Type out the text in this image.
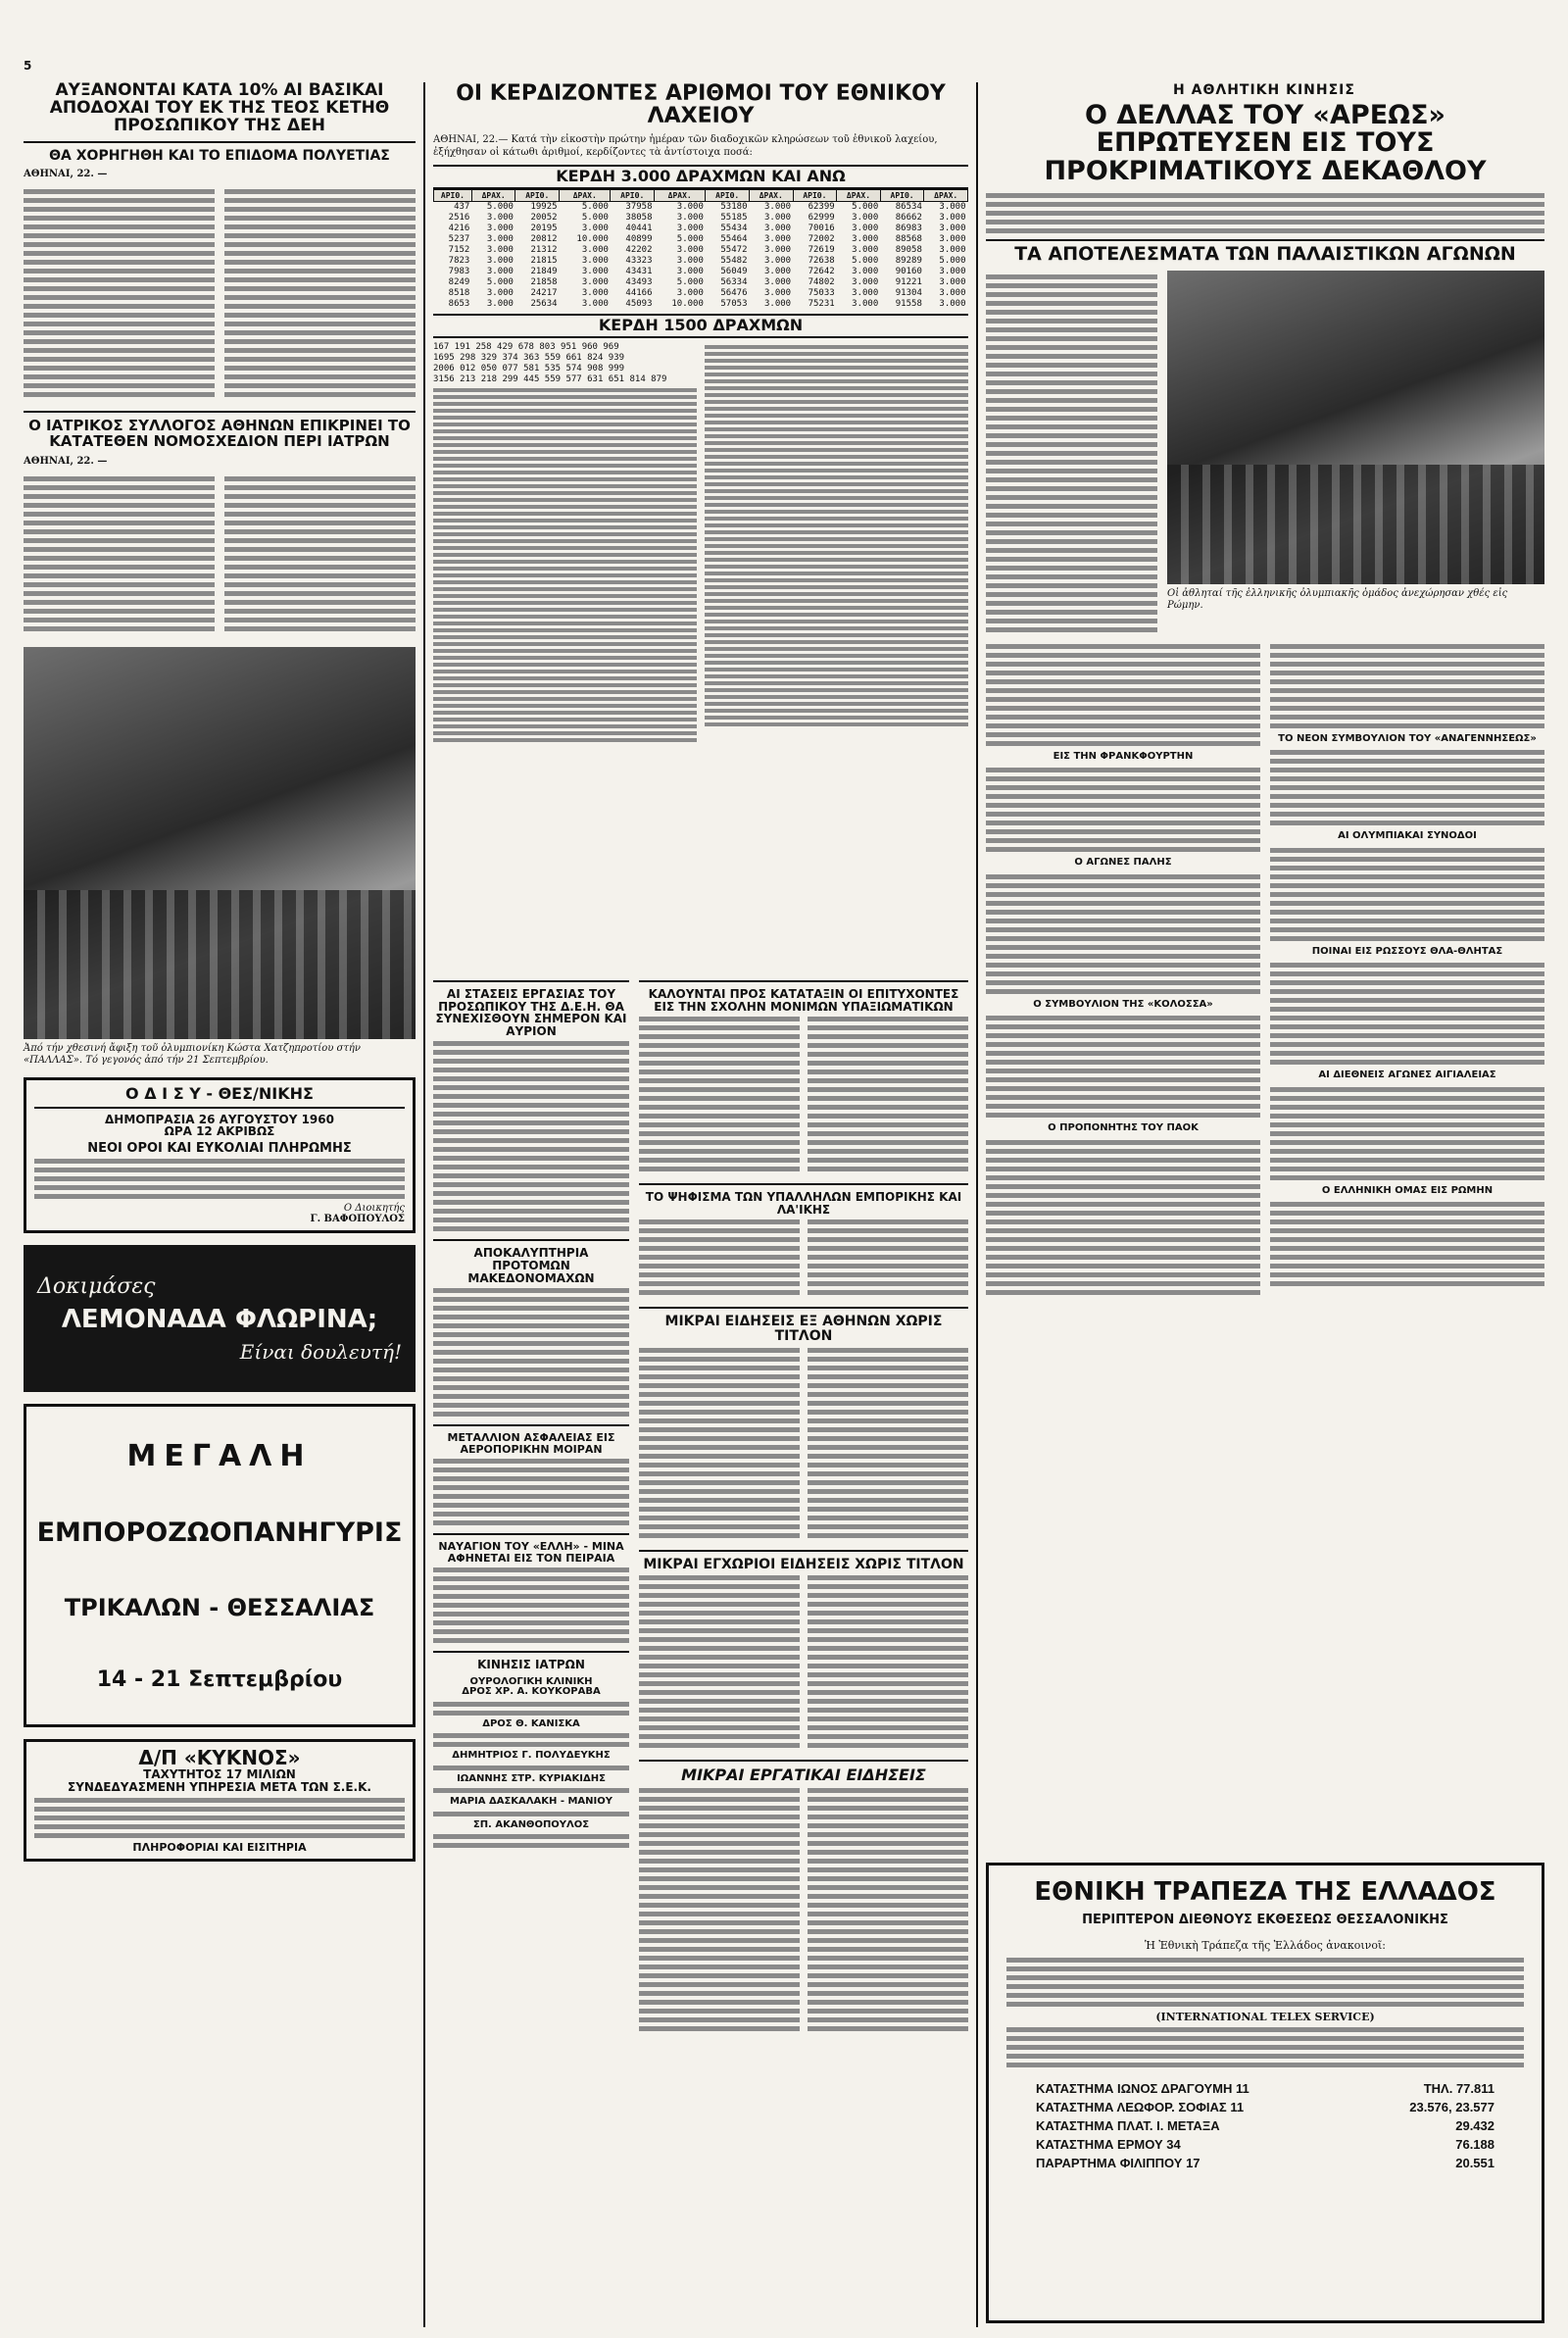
5
Η ΑΘΛΗΤΙΚΗ ΚΙΝΗΣΙΣ
ΑΥΞΑΝΟΝΤΑΙ ΚΑΤΑ 10% ΑΙ ΒΑΣΙΚΑΙ ΑΠΟΔΟΧΑΙ ΤΟΥ ΕΚ ΤΗΣ ΤΕΟΣ ΚΕΤΗΘ ΠΡΟΣΩΠΙΚΟΥ ΤΗΣ ΔΕΗ
ΘΑ ΧΟΡΗΓΗΘΗ ΚΑΙ ΤΟ ΕΠΙΔΟΜΑ ΠΟΛΥΕΤΙΑΣ
ΑΘΗΝΑΙ, 22. —
Ο ΙΑΤΡΙΚΟΣ ΣΥΛΛΟΓΟΣ ΑΘΗΝΩΝ ΕΠΙΚΡΙΝΕΙ ΤΟ ΚΑΤΑΤΕΘΕΝ ΝΟΜΟΣΧΕΔΙΟΝ ΠΕΡΙ ΙΑΤΡΩΝ
ΑΘΗΝΑΙ, 22. —
Ἀπό τήν χθεσινή ἄφιξη τοῦ ὀλυμπιονίκη Κώστα Χατζηπροτίου στήν «ΠΑΛΛΑΣ». Τό γεγονός ἀπό τήν 21 Σεπτεμβρίου.
Ο Δ Ι Σ Υ - ΘΕΣ/ΝΙΚΗΣ
ΔΗΜΟΠΡΑΣΙΑ 26 ΑΥΓΟΥΣΤΟΥ 1960
ΩΡΑ 12 ΑΚΡΙΒΩΣ
ΝΕΟΙ ΟΡΟΙ ΚΑΙ ΕΥΚΟΛΙΑΙ ΠΛΗΡΩΜΗΣ
Ο Διοικητής
Γ. ΒΑΦΟΠΟΥΛΟΣ
Δοκιμάσες
ΛΕΜΟΝΑΔΑ ΦΛΩΡΙΝΑ;
Είναι δουλευτή!
ΜΕΓΑΛΗ
ΕΜΠΟΡΟΖΩΟΠΑΝΗΓΥΡΙΣ
ΤΡΙΚΑΛΩΝ - ΘΕΣΣΑΛΙΑΣ
14 - 21 Σεπτεμβρίου
Δ/Π «ΚΥΚΝΟΣ»
ΤΑΧΥΤΗΤΟΣ 17 ΜΙΛΙΩΝ
ΣΥΝΔΕΔΥΑΣΜΕΝΗ ΥΠΗΡΕΣΙΑ ΜΕΤΑ ΤΩΝ Σ.Ε.Κ.
ΠΛΗΡΟΦΟΡΙΑΙ ΚΑΙ ΕΙΣΙΤΗΡΙΑ
ΟΙ ΚΕΡΔΙΖΟΝΤΕΣ ΑΡΙΘΜΟΙ ΤΟΥ ΕΘΝΙΚΟΥ ΛΑΧΕΙΟΥ
ΑΘΗΝΑΙ, 22.— Κατά τὴν εἰκοστὴν πρώτην ἡμέραν τῶν διαδοχικῶν κληρώσεων τοῦ ἐθνικοῦ λαχείου, ἐξήχθησαν οἱ κάτωθι ἀριθμοί, κερδίζοντες τὰ ἀντίστοιχα ποσά:
ΚΕΡΔΗ 3.000 ΔΡΑΧΜΩΝ ΚΑΙ ΑΝΩ
ΑΡΙΘ.	ΔΡΑΧ.	ΑΡΙΘ.	ΔΡΑΧ.	ΑΡΙΘ.	ΔΡΑΧ.	ΑΡΙΘ.	ΔΡΑΧ.	ΑΡΙΘ.	ΔΡΑΧ.	ΑΡΙΘ.	ΔΡΑΧ.
437	5.000	19925	5.000	37958	3.000	53180	3.000	62399	5.000	86534	3.000
2516	3.000	20052	5.000	38058	3.000	55185	3.000	62999	3.000	86662	3.000
4216	3.000	20195	3.000	40441	3.000	55434	3.000	70016	3.000	86983	3.000
5237	3.000	20812	10.000	40899	5.000	55464	3.000	72002	3.000	88568	3.000
7152	3.000	21312	3.000	42202	3.000	55472	3.000	72619	3.000	89058	3.000
7823	3.000	21815	3.000	43323	3.000	55482	3.000	72638	5.000	89289	5.000
7983	3.000	21849	3.000	43431	3.000	56049	3.000	72642	3.000	90160	3.000
8249	5.000	21858	3.000	43493	5.000	56334	3.000	74802	3.000	91221	3.000
8518	3.000	24217	3.000	44166	3.000	56476	3.000	75033	3.000	91304	3.000
8653	3.000	25634	3.000	45093	10.000	57053	3.000	75231	3.000	91558	3.000
ΚΕΡΔΗ 1500 ΔΡΑΧΜΩΝ
167 191 258 429 678 803 951 960 969
1695 298 329 374 363 559 661 824 939
2006 012 050 077 581 535 574 908 999
3156 213 218 299 445 559 577 631 651 814 879
ΑΙ ΣΤΑΣΕΙΣ ΕΡΓΑΣΙΑΣ ΤΟΥ ΠΡΟΣΩΠΙΚΟΥ ΤΗΣ Δ.Ε.Η. ΘΑ ΣΥΝΕΧΙΣΘΟΥΝ ΣΗΜΕΡΟΝ ΚΑΙ ΑΥΡΙΟΝ
ΑΠΟΚΑΛΥΠΤΗΡΙΑ ΠΡΟΤΟΜΩΝ ΜΑΚΕΔΟΝΟΜΑΧΩΝ
ΜΕΤΑΛΛΙΟΝ ΑΣΦΑΛΕΙΑΣ ΕΙΣ ΑΕΡΟΠΟΡΙΚΗΝ ΜΟΙΡΑΝ
ΝΑΥΑΓΙΟΝ ΤΟΥ «ΕΛΛΗ» - ΜΙΝΑ ΑΦΗΝΕΤΑΙ ΕΙΣ ΤΟΝ ΠΕΙΡΑΙΑ
ΚΙΝΗΣΙΣ ΙΑΤΡΩΝ
ΟΥΡΟΛΟΓΙΚΗ ΚΛΙΝΙΚΗ
ΔΡΟΣ ΧΡ. Α. ΚΟΥΚΟΡΑΒΑ
ΔΡΟΣ Θ. ΚΑΝΙΣΚΑ
ΔΗΜΗΤΡΙΟΣ Γ. ΠΟΛΥΔΕΥΚΗΣ
ΙΩΑΝΝΗΣ ΣΤΡ. ΚΥΡΙΑΚΙΔΗΣ
ΜΑΡΙΑ ΔΑΣΚΑΛΑΚΗ - ΜΑΝΙΟΥ
ΣΠ. ΑΚΑΝΘΟΠΟΥΛΟΣ
ΚΑΛΟΥΝΤΑΙ ΠΡΟΣ ΚΑΤΑΤΑΞΙΝ ΟΙ ΕΠΙΤΥΧΟΝΤΕΣ ΕΙΣ ΤΗΝ ΣΧΟΛΗΝ ΜΟΝΙΜΩΝ ΥΠΑΞΙΩΜΑΤΙΚΩΝ
ΤΟ ΨΗΦΙΣΜΑ ΤΩΝ ΥΠΑΛΛΗΛΩΝ ΕΜΠΟΡΙΚΗΣ ΚΑΙ ΛΑ'ΙΚΗΣ
ΜΙΚΡΑΙ ΕΙΔΗΣΕΙΣ ΕΞ ΑΘΗΝΩΝ ΧΩΡΙΣ ΤΙΤΛΟΝ
ΜΙΚΡΑΙ ΕΓΧΩΡΙΟΙ ΕΙΔΗΣΕΙΣ ΧΩΡΙΣ ΤΙΤΛΟΝ
ΜΙΚΡΑΙ ΕΡΓΑΤΙΚΑΙ ΕΙΔΗΣΕΙΣ
Ο ΔΕΛΛΑΣ ΤΟΥ «ΑΡΕΩΣ» ΕΠΡΩΤΕΥΣΕΝ ΕΙΣ ΤΟΥΣ ΠΡΟΚΡΙΜΑΤΙΚΟΥΣ ΔΕΚΑΘΛΟΥ
ΤΑ ΑΠΟΤΕΛΕΣΜΑΤΑ ΤΩΝ ΠΑΛΑΙΣΤΙΚΩΝ ΑΓΩΝΩΝ
Οἱ ἀθληταί τῆς ἑλληνικῆς ὀλυμπιακῆς ὁμάδος ἀνεχώρησαν χθές εἰς Ρώμην.
ΕΙΣ ΤΗΝ ΦΡΑΝΚΦΟΥΡΤΗΝ
Ο ΑΓΩΝΕΣ ΠΑΛΗΣ
Ο ΣΥΜΒΟΥΛΙΟΝ ΤΗΣ «ΚΟΛΟΣΣΑ»
Ο ΠΡΟΠΟΝΗΤΗΣ ΤΟΥ ΠΑΟΚ
ΤΟ ΝΕΟΝ ΣΥΜΒΟΥΛΙΟΝ ΤΟΥ «ΑΝΑΓΕΝΝΗΣΕΩΣ»
ΑΙ ΟΛΥΜΠΙΑΚΑΙ ΣΥΝΟΔΟΙ
ΠΟΙΝΑΙ ΕΙΣ ΡΩΣΣΟΥΣ ΘΛΑ-ΘΛΗΤΑΣ
ΑΙ ΔΙΕΘΝΕΙΣ ΑΓΩΝΕΣ ΑΙΓΙΑΛΕΙΑΣ
Ο ΕΛΛΗΝΙΚΗ ΟΜΑΣ ΕΙΣ ΡΩΜΗΝ
ΕΘΝΙΚΗ ΤΡΑΠΕΖΑ ΤΗΣ ΕΛΛΑΔΟΣ
ΠΕΡΙΠΤΕΡΟΝ ΔΙΕΘΝΟΥΣ ΕΚΘΕΣΕΩΣ ΘΕΣΣΑΛΟΝΙΚΗΣ
Ἡ Ἐθνικὴ Τράπεζα τῆς Ἑλλάδος ἀνακοινοῖ:
(INTERNATIONAL TELEX SERVICE)
ΚΑΤΑΣΤΗΜΑ ΙΩΝΟΣ ΔΡΑΓΟΥΜΗ 11	ΤΗΛ. 77.811
ΚΑΤΑΣΤΗΜΑ ΛΕΩΦΟΡ. ΣΟΦΙΑΣ 11	23.576, 23.577
ΚΑΤΑΣΤΗΜΑ ΠΛΑΤ. Ι. ΜΕΤΑΞΑ	29.432
ΚΑΤΑΣΤΗΜΑ ΕΡΜΟΥ 34	76.188
ΠΑΡΑΡΤΗΜΑ ΦΙΛΙΠΠΟΥ 17	20.551
